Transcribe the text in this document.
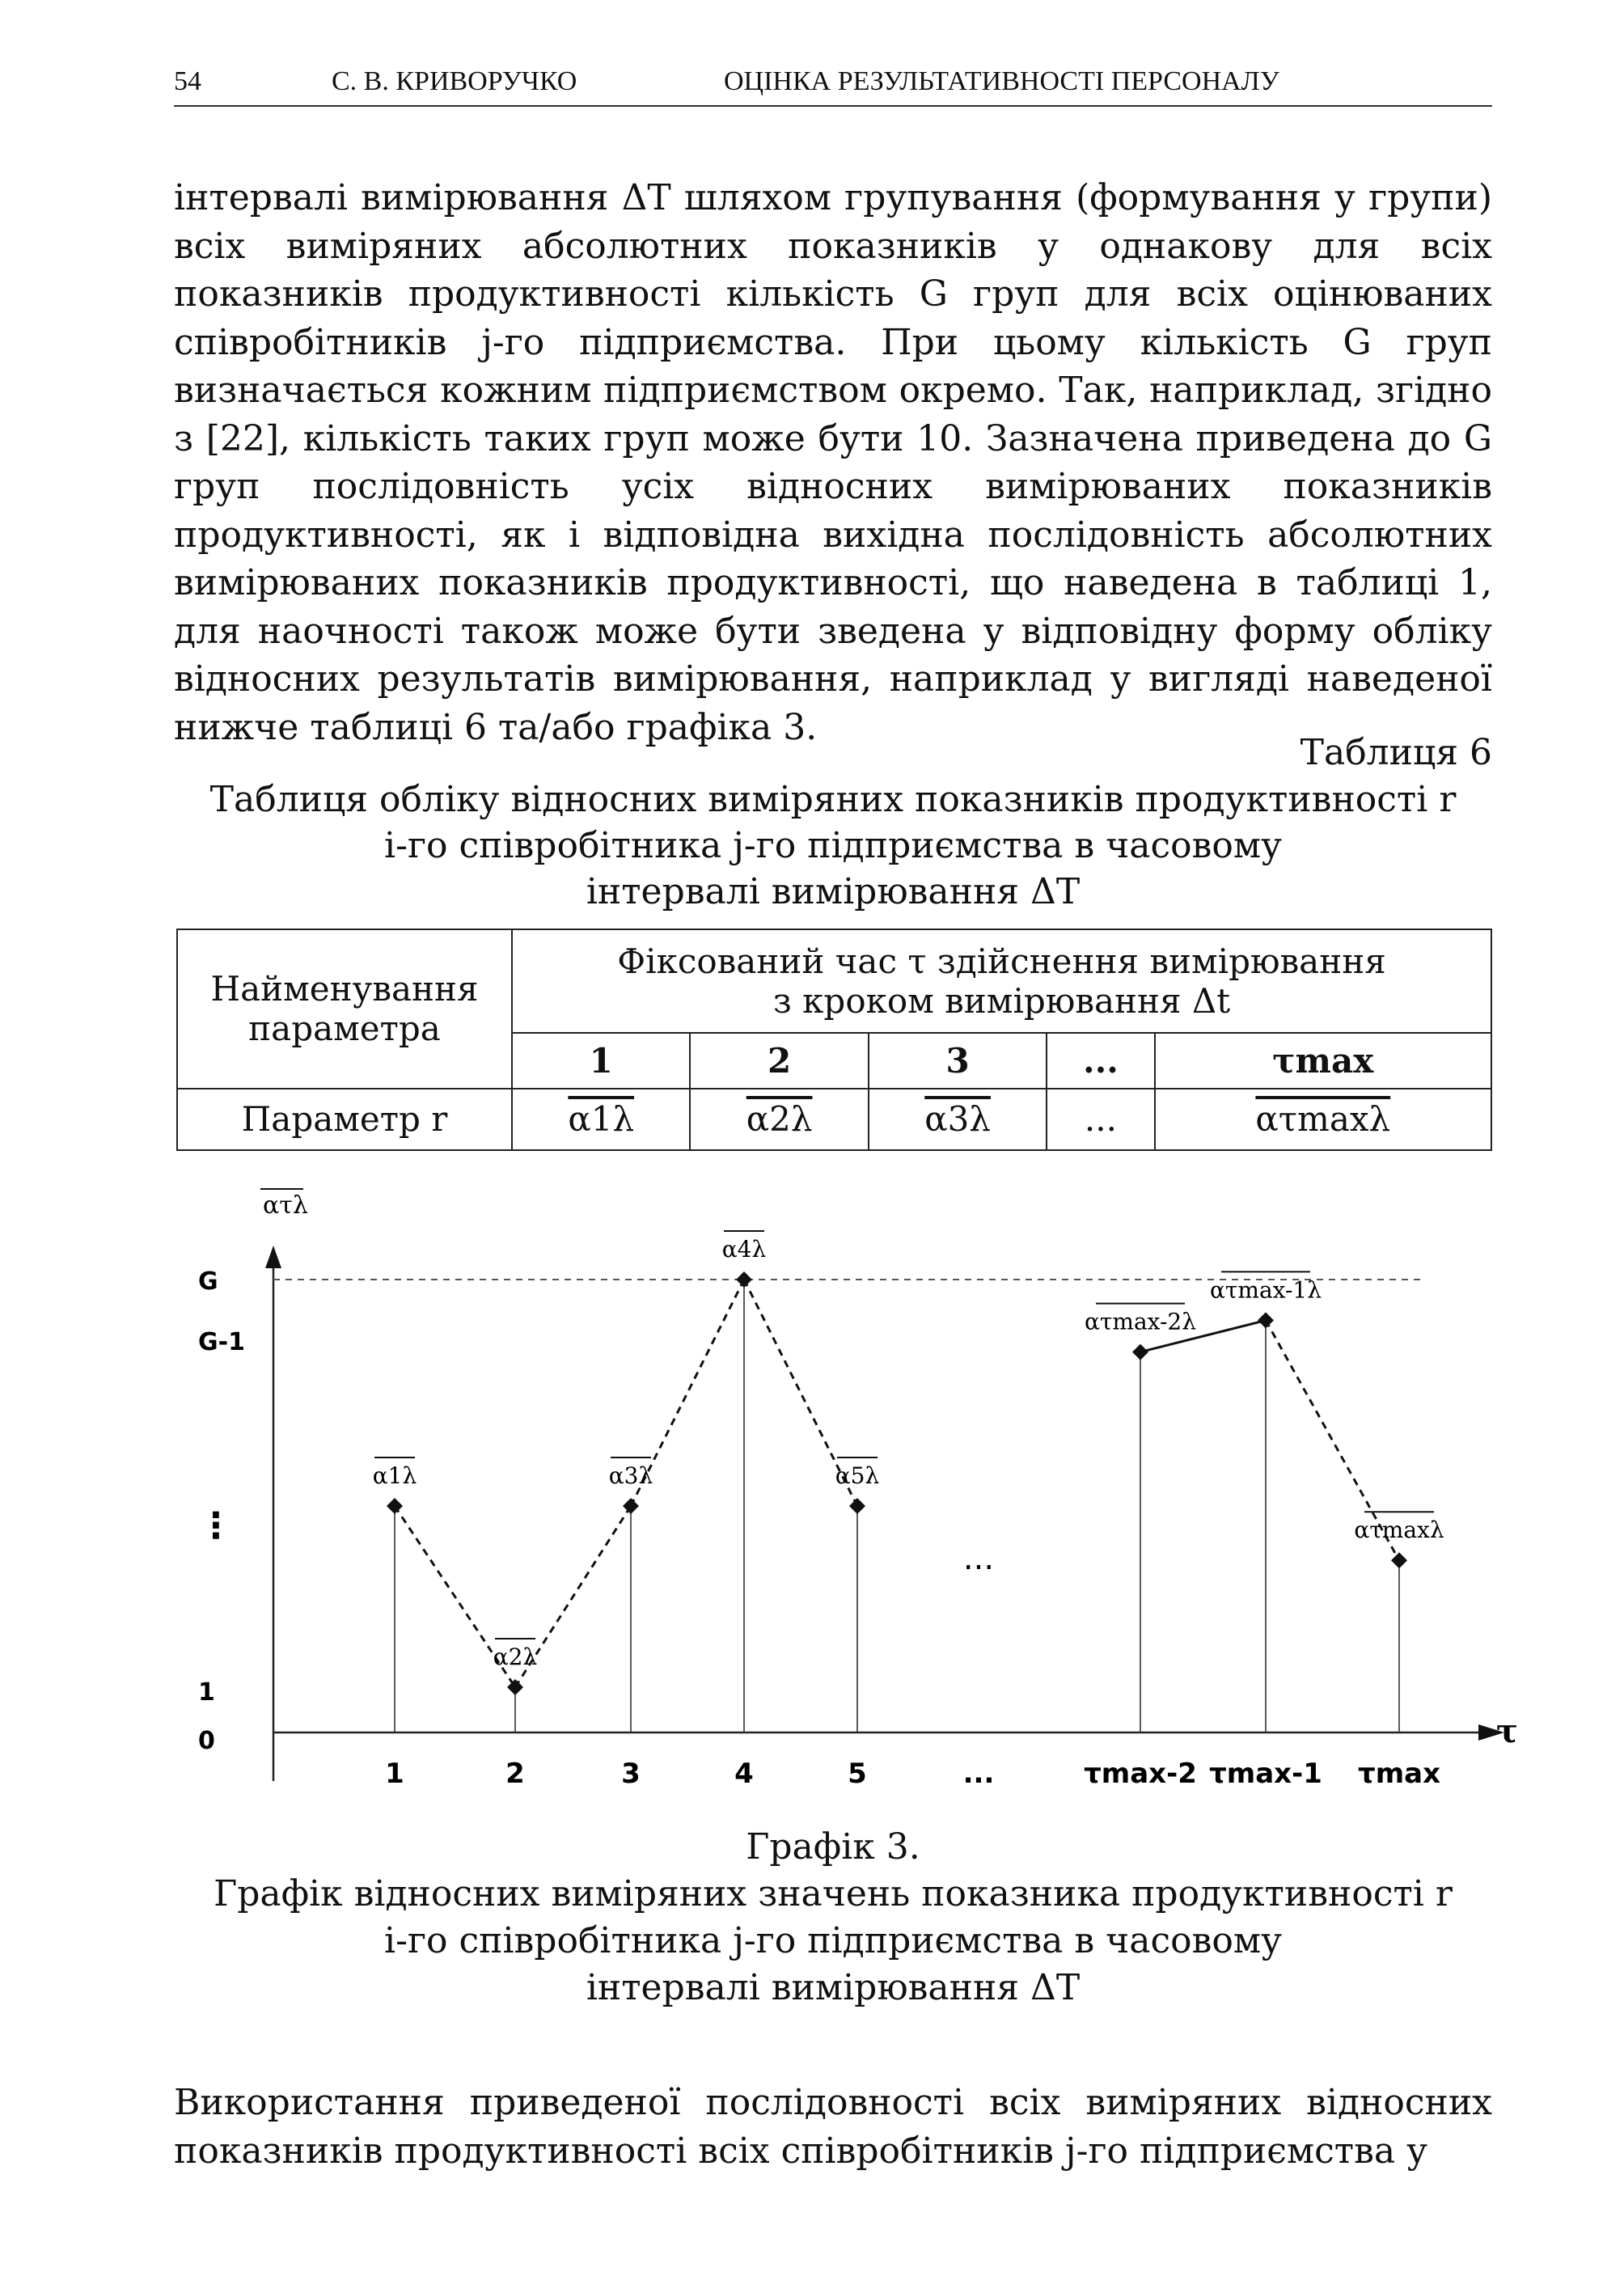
54	С. В. КРИВОРУЧКО	ОЦІНКА РЕЗУЛЬТАТИВНОСТІ ПЕРСОНАЛУ
інтервалі вимірювання ΔT шляхом групування (формування у групи) всіх виміряних абсолютних показників у однакову для всіх показників продуктивності кількість G груп для всіх оцінюваних співробітників j-го підприємства. При цьому кількість G груп визначається кожним підприємством окремо. Так, наприклад, згідно з [22], кількість таких груп може бути 10. Зазначена приведена до G груп послідовність усіх відносних вимірюваних показників продуктивності, як і відповідна вихідна послідовність абсолютних вимірюваних показників продуктивності, що наведена в таблиці 1, для наочності також може бути зведена у відповідну форму обліку відносних результатів вимірювання, наприклад у вигляді наведеної нижче таблиці 6 та/або графіка 3.
Таблиця 6
Таблиця обліку відносних виміряних показників продуктивності r
i-го співробітника j-го підприємства в часовому
інтервалі вимірювання ΔT
Найменування параметра	Фіксований час τ здійснення вимірювання
з кроком вимірювання Δt				

	1	2	3	...	τmax
Параметр r	α1λ	α2λ	α3λ	...	ατmaxλ
τ
ατλ
0
1
⋮
G-1
G
1	2	3	4	5	...	τmax-2 τmax-1 τmax
α1λ
α2λ
α3λ
α4λ
α5λ
ατmax-2λ
ατmax-1λ
ατmaxλ
...
Графік 3.
Графік відносних виміряних значень показника продуктивності r
i-го співробітника j-го підприємства в часовому
інтервалі вимірювання ΔT
Використання приведеної послідовності всіх виміряних відносних показників продуктивності всіх співробітників j-го підприємства у
